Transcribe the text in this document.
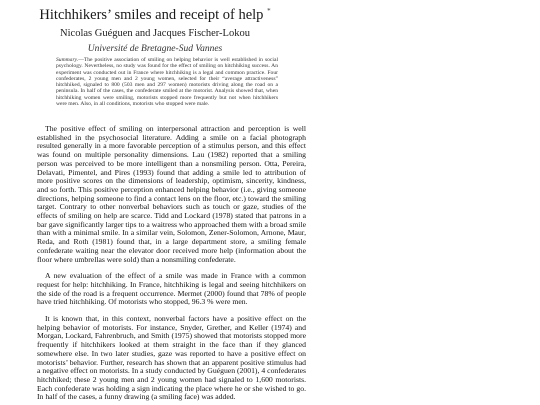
Hitchhikers’ smiles and receipt of help *
Nicolas Guéguen and Jacques Fischer-Lokou
Université de Bretagne-Sud Vannes
Summary.—The positive association of smiling on helping behavior is well established in social psychology. Nevertheless, no study was found for the effect of smiling on hitchhiking success. An experiment was conducted out in France where hitchhiking is a legal and common practice. Four confederates, 2 young men and 2 young women, selected for their “average attractiveness” hitchhiked, signaled to 800 (503 men and 297 women) motorists driving along the road on a peninsula. In half of the cases, the confederate smiled at the motorist. Analysis showed that, when hitchhiking women were smiling, motorists stopped more frequently but not when hitchhikers were men. Also, in all conditions, motorists who stopped were male.

The positive effect of smiling on interpersonal attraction and perception is well established in the psychosocial literature. Adding a smile on a facial photograph resulted generally in a more favorable perception of a stimulus person, and this effect was found on multiple personality dimensions. Lau (1982) reported that a smiling person was perceived to be more intelligent than a nonsmiling person. Otta, Pereira, Delavati, Pimentel, and Pires (1993) found that adding a smile led to attribution of more positive scores on the dimensions of leadership, optimism, sincerity, kindness, and so forth. This positive perception enhanced helping behavior (i.e., giving someone directions, helping someone to find a contact lens on the floor, etc.) toward the smiling target. Contrary to other nonverbal behaviors such as touch or gaze, studies of the effects of smiling on help are scarce. Tidd and Lockard (1978) stated that patrons in a bar gave significantly larger tips to a waitress who approached them with a broad smile than with a minimal smile. In a similar vein, Solomon, Zener-Solomon, Arnone, Maur, Reda, and Roth (1981) found that, in a large department store, a smiling female confederate waiting near the elevator door received more help (information about the floor where umbrellas were sold) than a nonsmiling confederate.

A new evaluation of the effect of a smile was made in France with a common request for help: hitchhiking. In France, hitchhiking is legal and seeing hitchhikers on the side of the road is a frequent occurrence. Mermet (2000) found that 78% of people have tried hitchhiking. Of motorists who stopped, 96.3 % were men.

It is known that, in this context, nonverbal factors have a positive effect on the helping behavior of motorists. For instance, Snyder, Grether, and Keller (1974) and Morgan, Lockard, Fahrenbruch, and Smith (1975) showed that motorists stopped more frequently if hitchhikers looked at them straight in the face than if they glanced somewhere else. In two later studies, gaze was reported to have a positive effect on motorists’ behavior. Further, research has shown that an apparent positive stimulus had a negative effect on motorists. In a study conducted by Guéguen (2001), 4 confederates hitchhiked; these 2 young men and 2 young women had signaled to 1,600 motorists. Each confederate was holding a sign indicating the place where he or she wished to go. In half of the cases, a funny drawing (a smiling face) was added.
